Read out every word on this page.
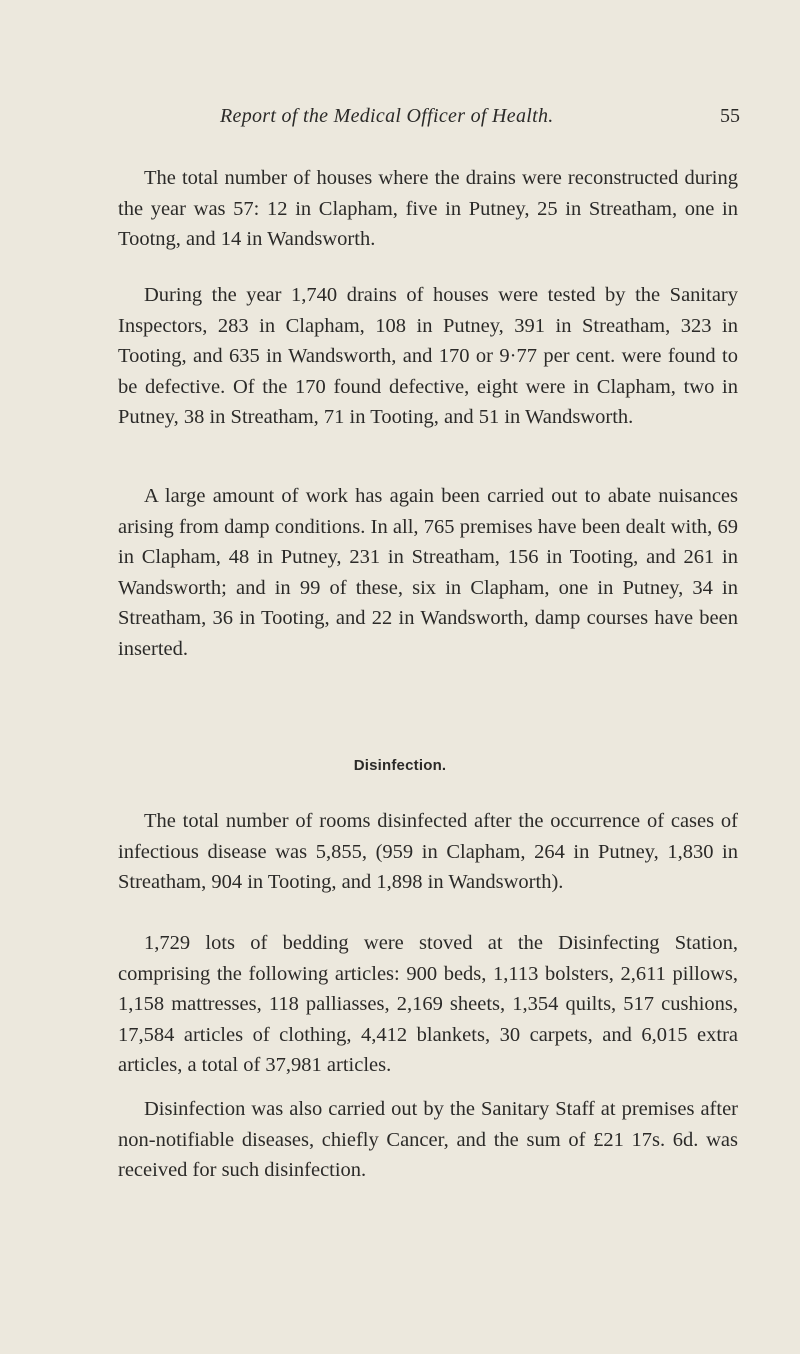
Report of the Medical Officer of Health.	55

The total number of houses where the drains were reconstructed during the year was 57: 12 in Clapham, five in Putney, 25 in Streatham, one in Tootng, and 14 in Wandsworth.

During the year 1,740 drains of houses were tested by the Sanitary Inspectors, 283 in Clapham, 108 in Putney, 391 in Streatham, 323 in Tooting, and 635 in Wandsworth, and 170 or 9·77 per cent. were found to be defective. Of the 170 found defective, eight were in Clapham, two in Putney, 38 in Streatham, 71 in Tooting, and 51 in Wandsworth.

A large amount of work has again been carried out to abate nuisances arising from damp conditions. In all, 765 premises have been dealt with, 69 in Clapham, 48 in Putney, 231 in Streatham, 156 in Tooting, and 261 in Wandsworth; and in 99 of these, six in Clapham, one in Putney, 34 in Streatham, 36 in Tooting, and 22 in Wandsworth, damp courses have been inserted.

Disinfection.

The total number of rooms disinfected after the occurrence of cases of infectious disease was 5,855, (959 in Clapham, 264 in Putney, 1,830 in Streatham, 904 in Tooting, and 1,898 in Wandsworth).

1,729 lots of bedding were stoved at the Disinfecting Station, comprising the following articles: 900 beds, 1,113 bolsters, 2,611 pillows, 1,158 mattresses, 118 palliasses, 2,169 sheets, 1,354 quilts, 517 cushions, 17,584 articles of clothing, 4,412 blankets, 30 carpets, and 6,015 extra articles, a total of 37,981 articles.

Disinfection was also carried out by the Sanitary Staff at premises after non-notifiable diseases, chiefly Cancer, and the sum of £21 17s. 6d. was received for such disinfection.
